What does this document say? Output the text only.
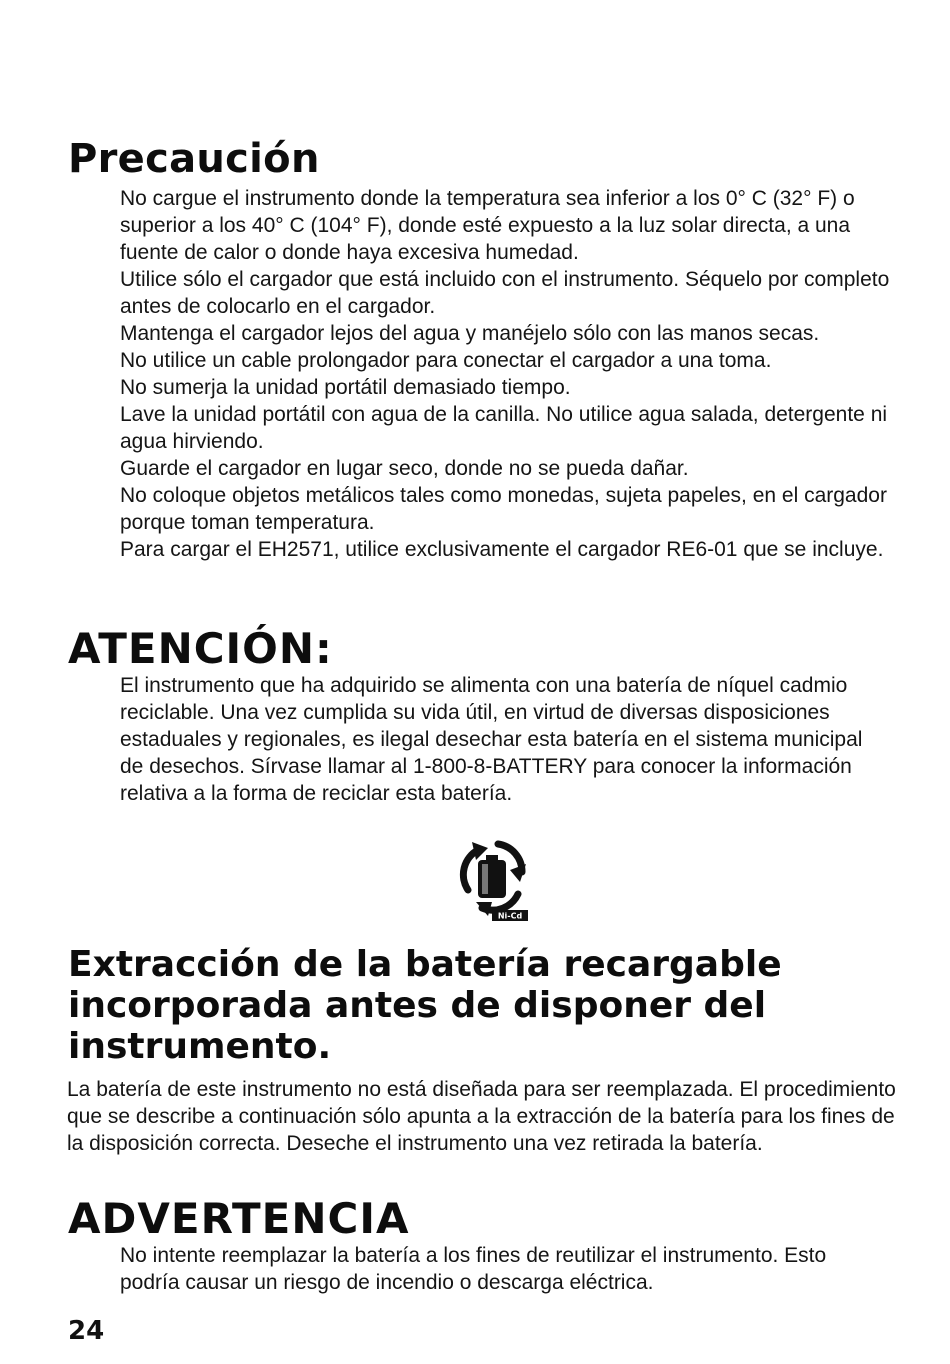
Precaución

No cargue el instrumento donde la temperatura sea inferior a los 0° C (32° F) o superior a los 40° C (104° F), donde esté expuesto a la luz solar directa, a una fuente de calor o donde haya excesiva humedad.

Utilice sólo el cargador que está incluido con el instrumento. Séquelo por completo antes de colocarlo en el cargador.

Mantenga el cargador lejos del agua y manéjelo sólo con las manos secas.

No utilice un cable prolongador para conectar el cargador a una toma.

No sumerja la unidad portátil demasiado tiempo.

Lave la unidad portátil con agua de la canilla. No utilice agua salada, detergente ni agua hirviendo.

Guarde el cargador en lugar seco, donde no se pueda dañar.

No coloque objetos metálicos tales como monedas, sujeta papeles, en el cargador porque toman temperatura.

Para cargar el EH2571, utilice exclusivamente el cargador RE6-01 que se incluye.

ATENCIÓN:

El instrumento que ha adquirido se alimenta con una batería de níquel cadmio reciclable. Una vez cumplida su vida útil, en virtud de diversas disposiciones estaduales y regionales, es ilegal desechar esta batería en el sistema municipal de desechos. Sírvase llamar al 1-800-8-BATTERY para conocer la información relativa a la forma de reciclar esta batería.

Ni-Cd
Extracción de la batería recargable incorporada antes de disponer del instrumento.

La batería de este instrumento no está diseñada para ser reemplazada. El procedimiento que se describe a continuación sólo apunta a la extracción de la batería para los fines de la disposición correcta. Deseche el instrumento una vez retirada la batería.

ADVERTENCIA

No intente reemplazar la batería a los fines de reutilizar el instrumento. Esto podría causar un riesgo de incendio o descarga eléctrica.

24
